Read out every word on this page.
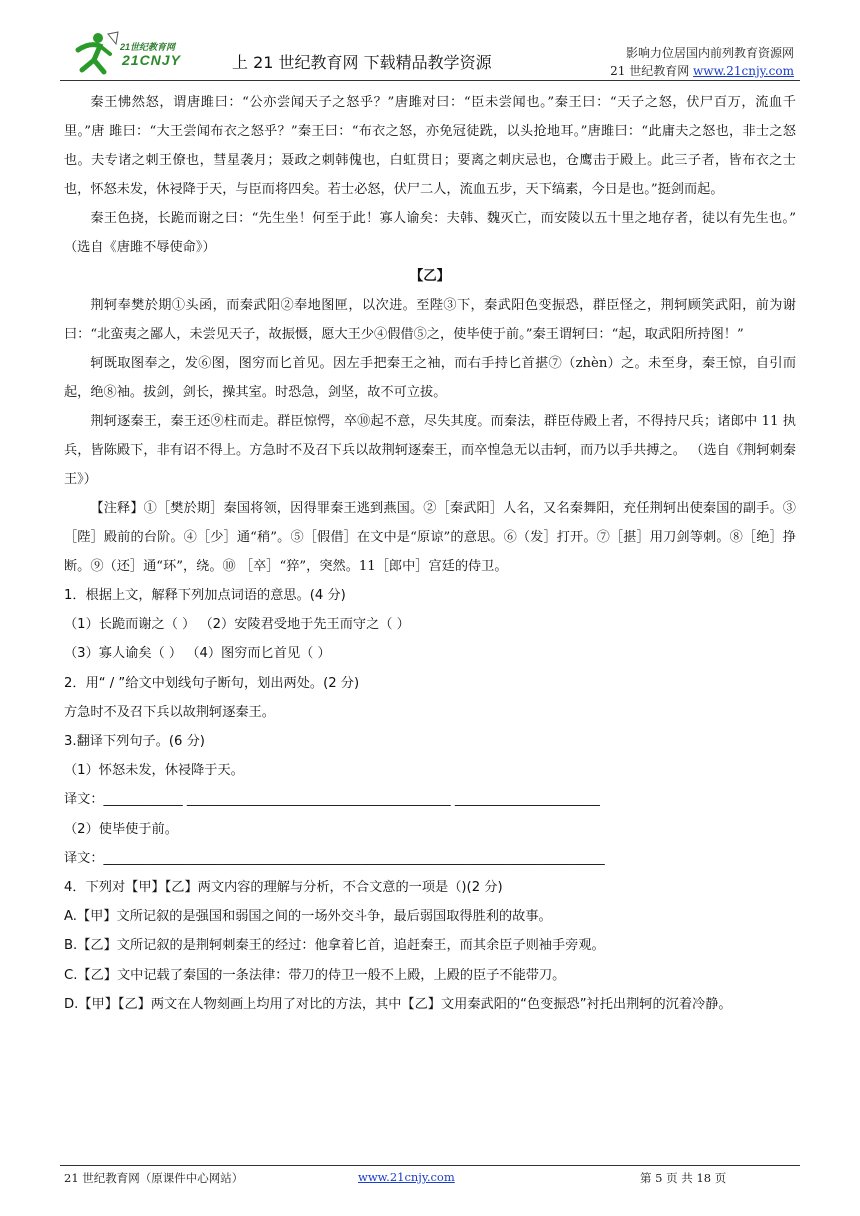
21世纪教育网
21CNJY	上 21 世纪教育网 下载精品教学资源	影响力位居国内前列教育资源网
21 世纪教育网 www.21cnjy.com

秦王怫然怒，谓唐雎曰：“公亦尝闻天子之怒乎？”唐雎对曰：“臣未尝闻也。”秦王曰：“天子之怒，伏尸百万，流血千里。”唐 雎曰：“大王尝闻布衣之怒乎？”秦王曰：“布衣之怒，亦免冠徒跣，以头抢地耳。”唐雎曰：“此庸夫之怒也，非士之怒也。夫专诸之刺王僚也，彗星袭月；聂政之刺韩傀也，白虹贯日；要离之刺庆忌也，仓鹰击于殿上。此三子者，皆布衣之士也，怀怒未发，休祲降于天，与臣而将四矣。若士必怒，伏尸二人，流血五步，天下缟素，今日是也。”挺剑而起。

秦王色挠，长跪而谢之曰：“先生坐！何至于此！寡人谕矣：夫韩、魏灭亡，而安陵以五十里之地存者，徒以有先生也。” （选自《唐雎不辱使命》）

【乙】

荆轲奉樊於期①头函，而秦武阳②奉地图匣，以次进。至陛③下，秦武阳色变振恐，群臣怪之，荆轲顾笑武阳，前为谢曰：“北蛮夷之鄙人，未尝见天子，故振慑，愿大王少④假借⑤之，使毕使于前。”秦王谓轲曰：“起，取武阳所持图！”

轲既取图奉之，发⑥图，图穷而匕首见。因左手把秦王之袖，而右手持匕首揕⑦（zhèn）之。未至身，秦王惊，自引而起，绝⑧袖。拔剑，剑长，操其室。时恐急，剑坚，故不可立拔。

荆轲逐秦王，秦王还⑨柱而走。群臣惊愕，卒⑩起不意，尽失其度。而秦法，群臣侍殿上者，不得持尺兵；诸郎中 11 执兵，皆陈殿下，非有诏不得上。方急时不及召下兵以故荆轲逐秦王，而卒惶急无以击轲，而乃以手共搏之。 （选自《荆轲刺秦王》）

【注释】①［樊於期］秦国将领，因得罪秦王逃到燕国。②［秦武阳］人名，又名秦舞阳，充任荆轲出使秦国的副手。③［陛］殿前的台阶。④［少］通“稍”。⑤［假借］在文中是“原谅”的意思。⑥（发］打开。⑦［揕］用刀剑等刺。⑧［绝］挣断。⑨（还］通“环”，绕。⑩ ［卒］“猝”，突然。11［郎中］宫廷的侍卫。

1．根据上文，解释下列加点词语的意思。(4 分)

（1）长跪而谢之（ ） （2）安陵君受地于先王而守之（ ）

（3）寡人谕矣（ ） （4）图穷而匕首见（ ）

2．用“ / ”给文中划线句子断句，划出两处。(2 分)

方急时不及召下兵以故荆轲逐秦王。

3.翻译下列句子。(6 分)

（1）怀怒未发，休祲降于天。

译文：____________ ________________________________________ ______________________

（2）使毕使于前。

译文：____________________________________________________________________________

4．下列对【甲】【乙】两文内容的理解与分析，不合文意的一项是（)(2 分)

A.【甲】文所记叙的是强国和弱国之间的一场外交斗争，最后弱国取得胜利的故事。

B.【乙】文所记叙的是荆轲刺秦王的经过：他拿着匕首，追赶秦王，而其余臣子则袖手旁观。

C.【乙】文中记载了秦国的一条法律：带刀的侍卫一般不上殿，上殿的臣子不能带刀。

D.【甲】【乙】两文在人物刻画上均用了对比的方法，其中【乙】文用秦武阳的“色变振恐”衬托出荆轲的沉着冷静。

21 世纪教育网（原课件中心网站）	www.21cnjy.com	第 5 页 共 18 页
